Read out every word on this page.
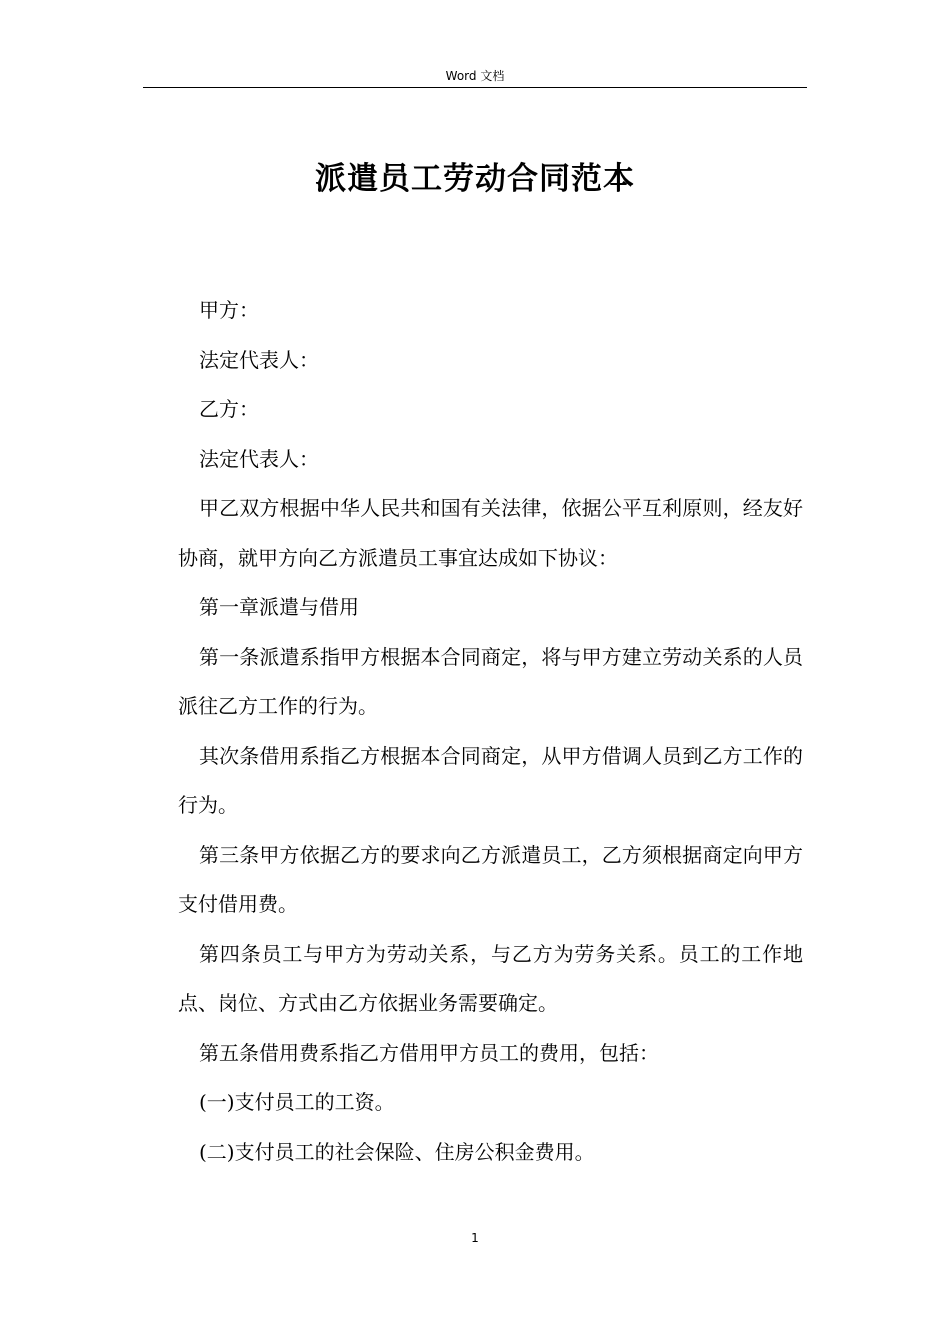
Word 文档
派遣员工劳动合同范本

甲方：

法定代表人：

乙方：

法定代表人：

甲乙双方根据中华人民共和国有关法律，依据公平互利原则，经友好协商，就甲方向乙方派遣员工事宜达成如下协议：

第一章派遣与借用

第一条派遣系指甲方根据本合同商定，将与甲方建立劳动关系的人员派往乙方工作的行为。

其次条借用系指乙方根据本合同商定，从甲方借调人员到乙方工作的行为。

第三条甲方依据乙方的要求向乙方派遣员工，乙方须根据商定向甲方支付借用费。

第四条员工与甲方为劳动关系，与乙方为劳务关系。员工的工作地点、岗位、方式由乙方依据业务需要确定。

第五条借用费系指乙方借用甲方员工的费用，包括：

(一)支付员工的工资。

(二)支付员工的社会保险、住房公积金费用。

1
